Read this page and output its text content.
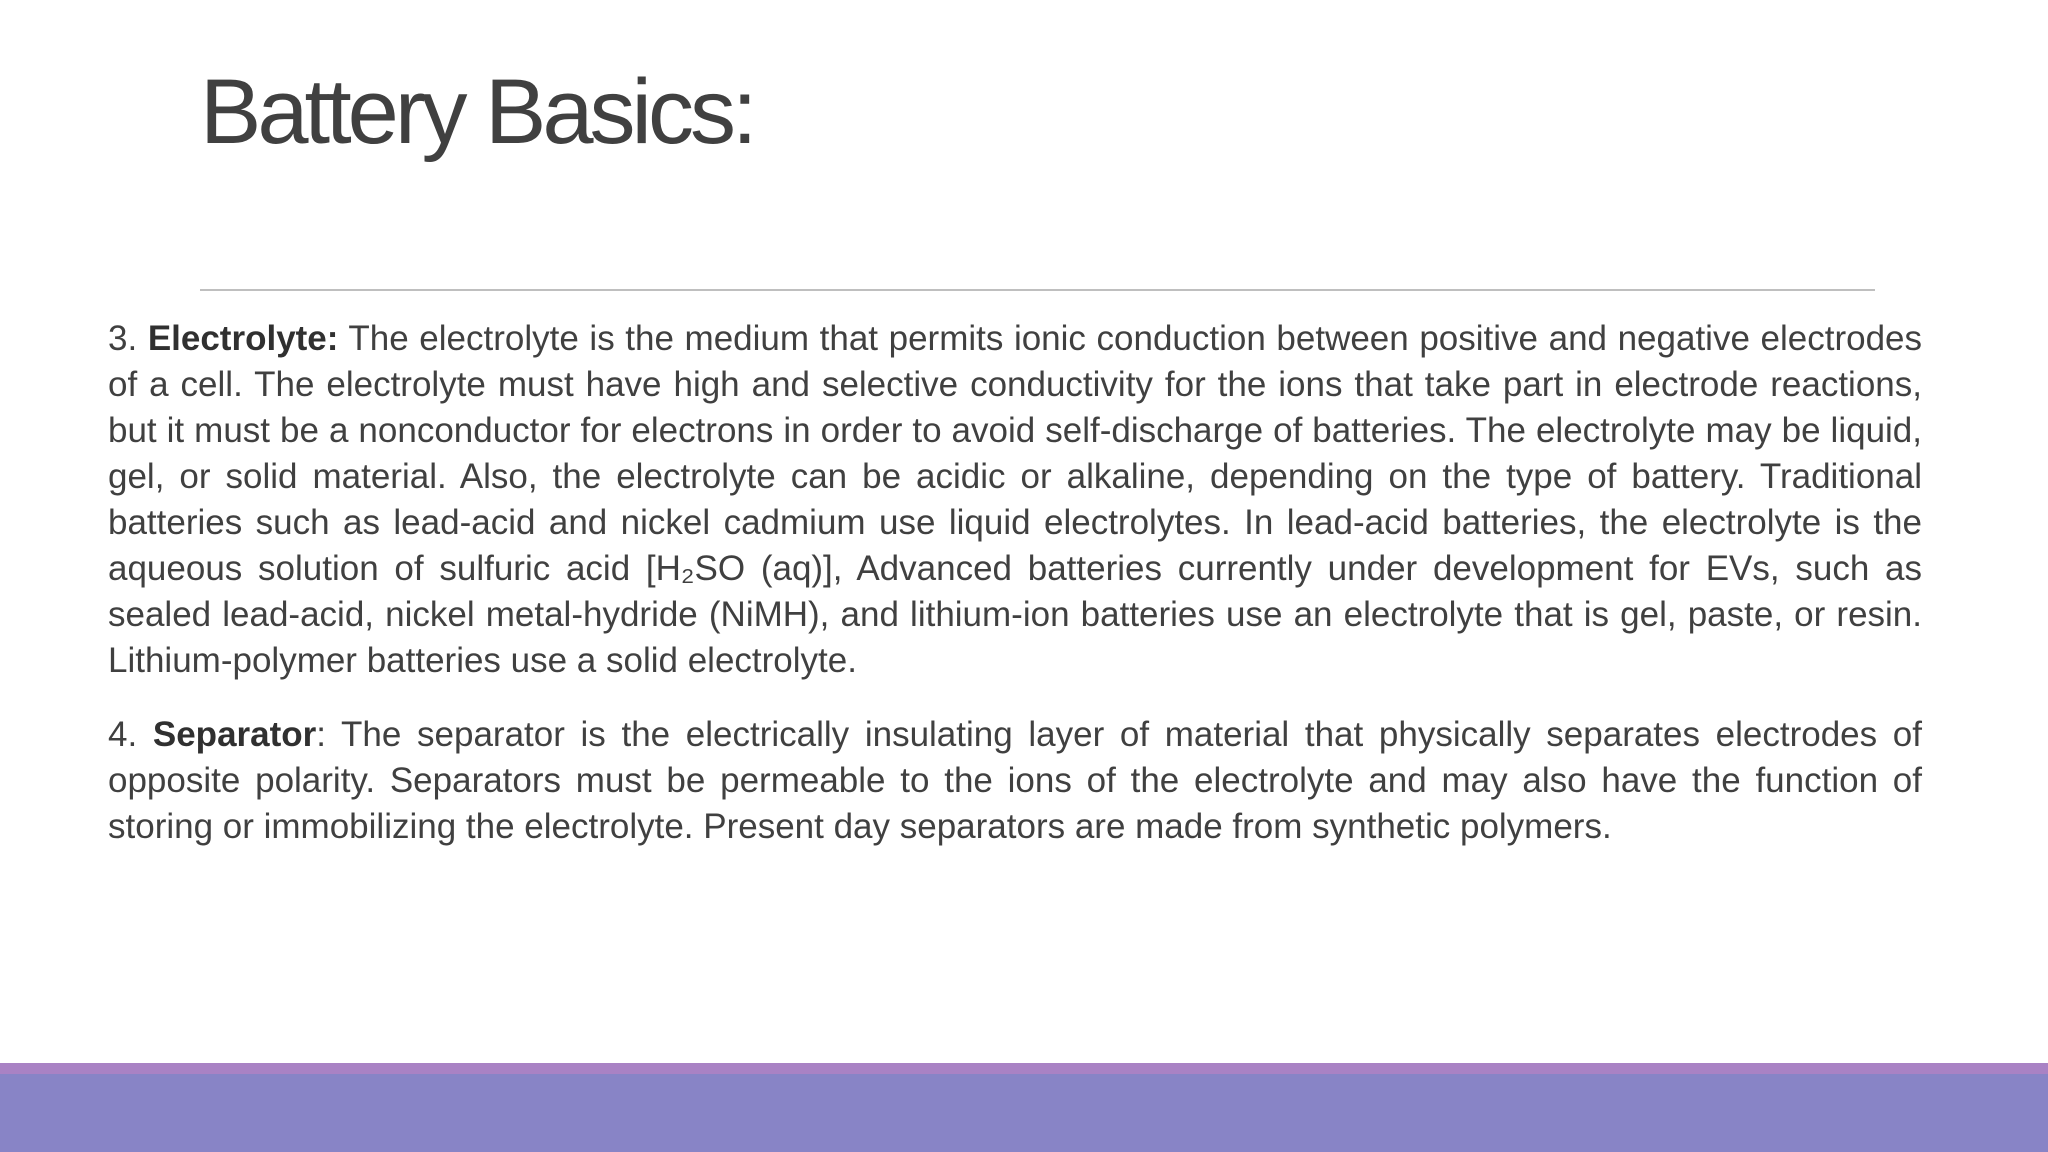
Battery Basics:

3. Electrolyte: The electrolyte is the medium that permits ionic conduction between positive and negative electrodes of a cell. The electrolyte must have high and selective conductivity for the ions that take part in electrode reactions, but it must be a nonconductor for electrons in order to avoid self-discharge of batteries. The electrolyte may be liquid, gel, or solid material. Also, the electrolyte can be acidic or alkaline, depending on the type of battery. Traditional batteries such as lead-acid and nickel cadmium use liquid electrolytes. In lead-acid batteries, the electrolyte is the aqueous solution of sulfuric acid [H₂SO (aq)], Advanced batteries currently under development for EVs, such as sealed lead-acid, nickel metal-hydride (NiMH), and lithium-ion batteries use an electrolyte that is gel, paste, or resin. Lithium-polymer batteries use a solid electrolyte.

4. Separator: The separator is the electrically insulating layer of material that physically separates electrodes of opposite polarity. Separators must be permeable to the ions of the electrolyte and may also have the function of storing or immobilizing the electrolyte. Present day separators are made from synthetic polymers.
